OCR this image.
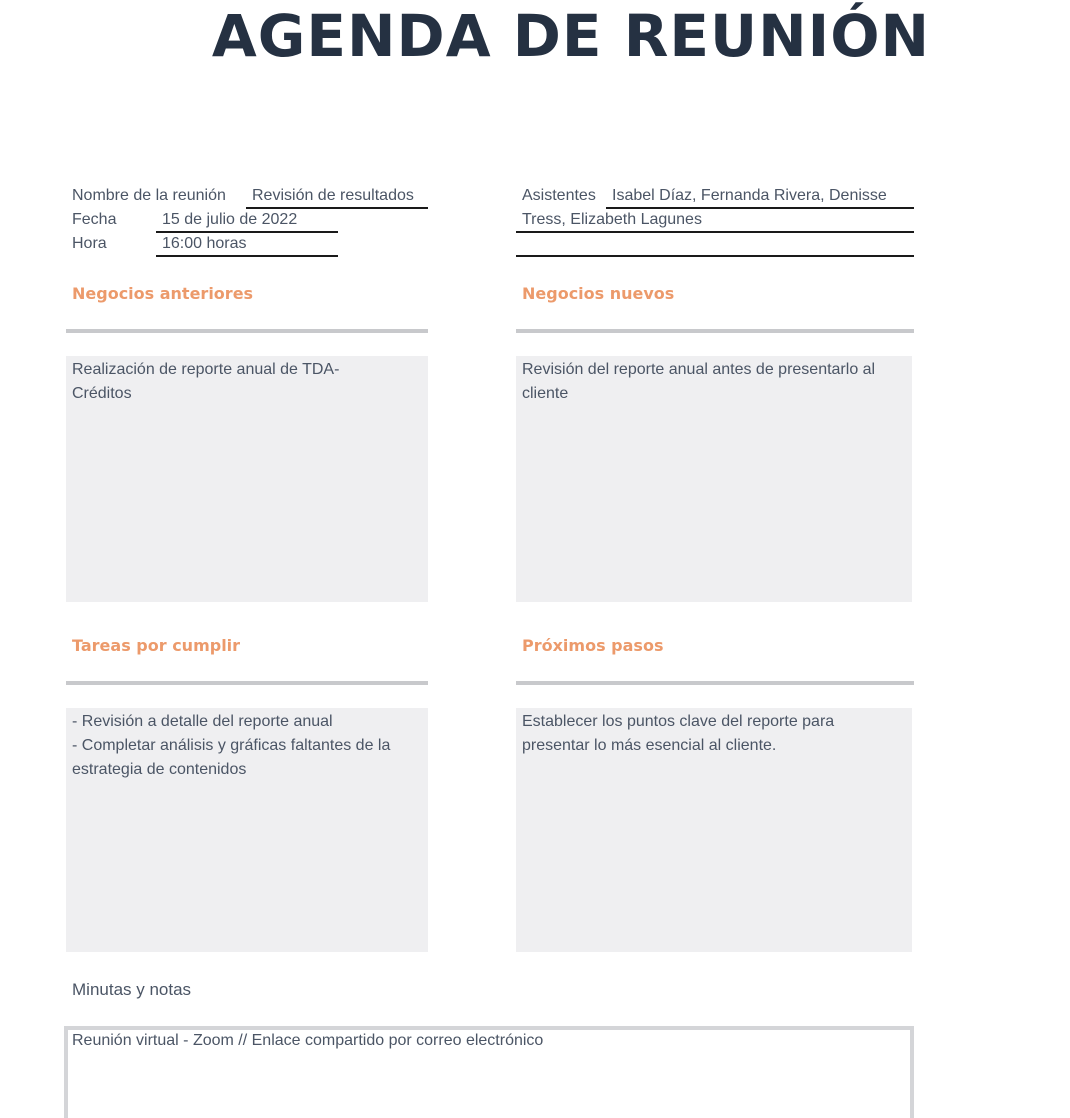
AGENDA DE REUNIÓN
Nombre de la reunión Revisión de resultados
Fecha	15 de julio de 2022
Hora	16:00 horas
Asistentes Isabel Díaz, Fernanda Rivera, Denisse
Tress, Elizabeth Lagunes
Negocios anteriores
Realización de reporte anual de TDA-
Créditos
Negocios nuevos
Revisión del reporte anual antes de presentarlo al
cliente
Tareas por cumplir
- Revisión a detalle del reporte anual
- Completar análisis y gráficas faltantes de la
estrategia de contenidos
Próximos pasos
Establecer los puntos clave del reporte para
presentar lo más esencial al cliente.
Minutas y notas
Reunión virtual - Zoom // Enlace compartido por correo electrónico
